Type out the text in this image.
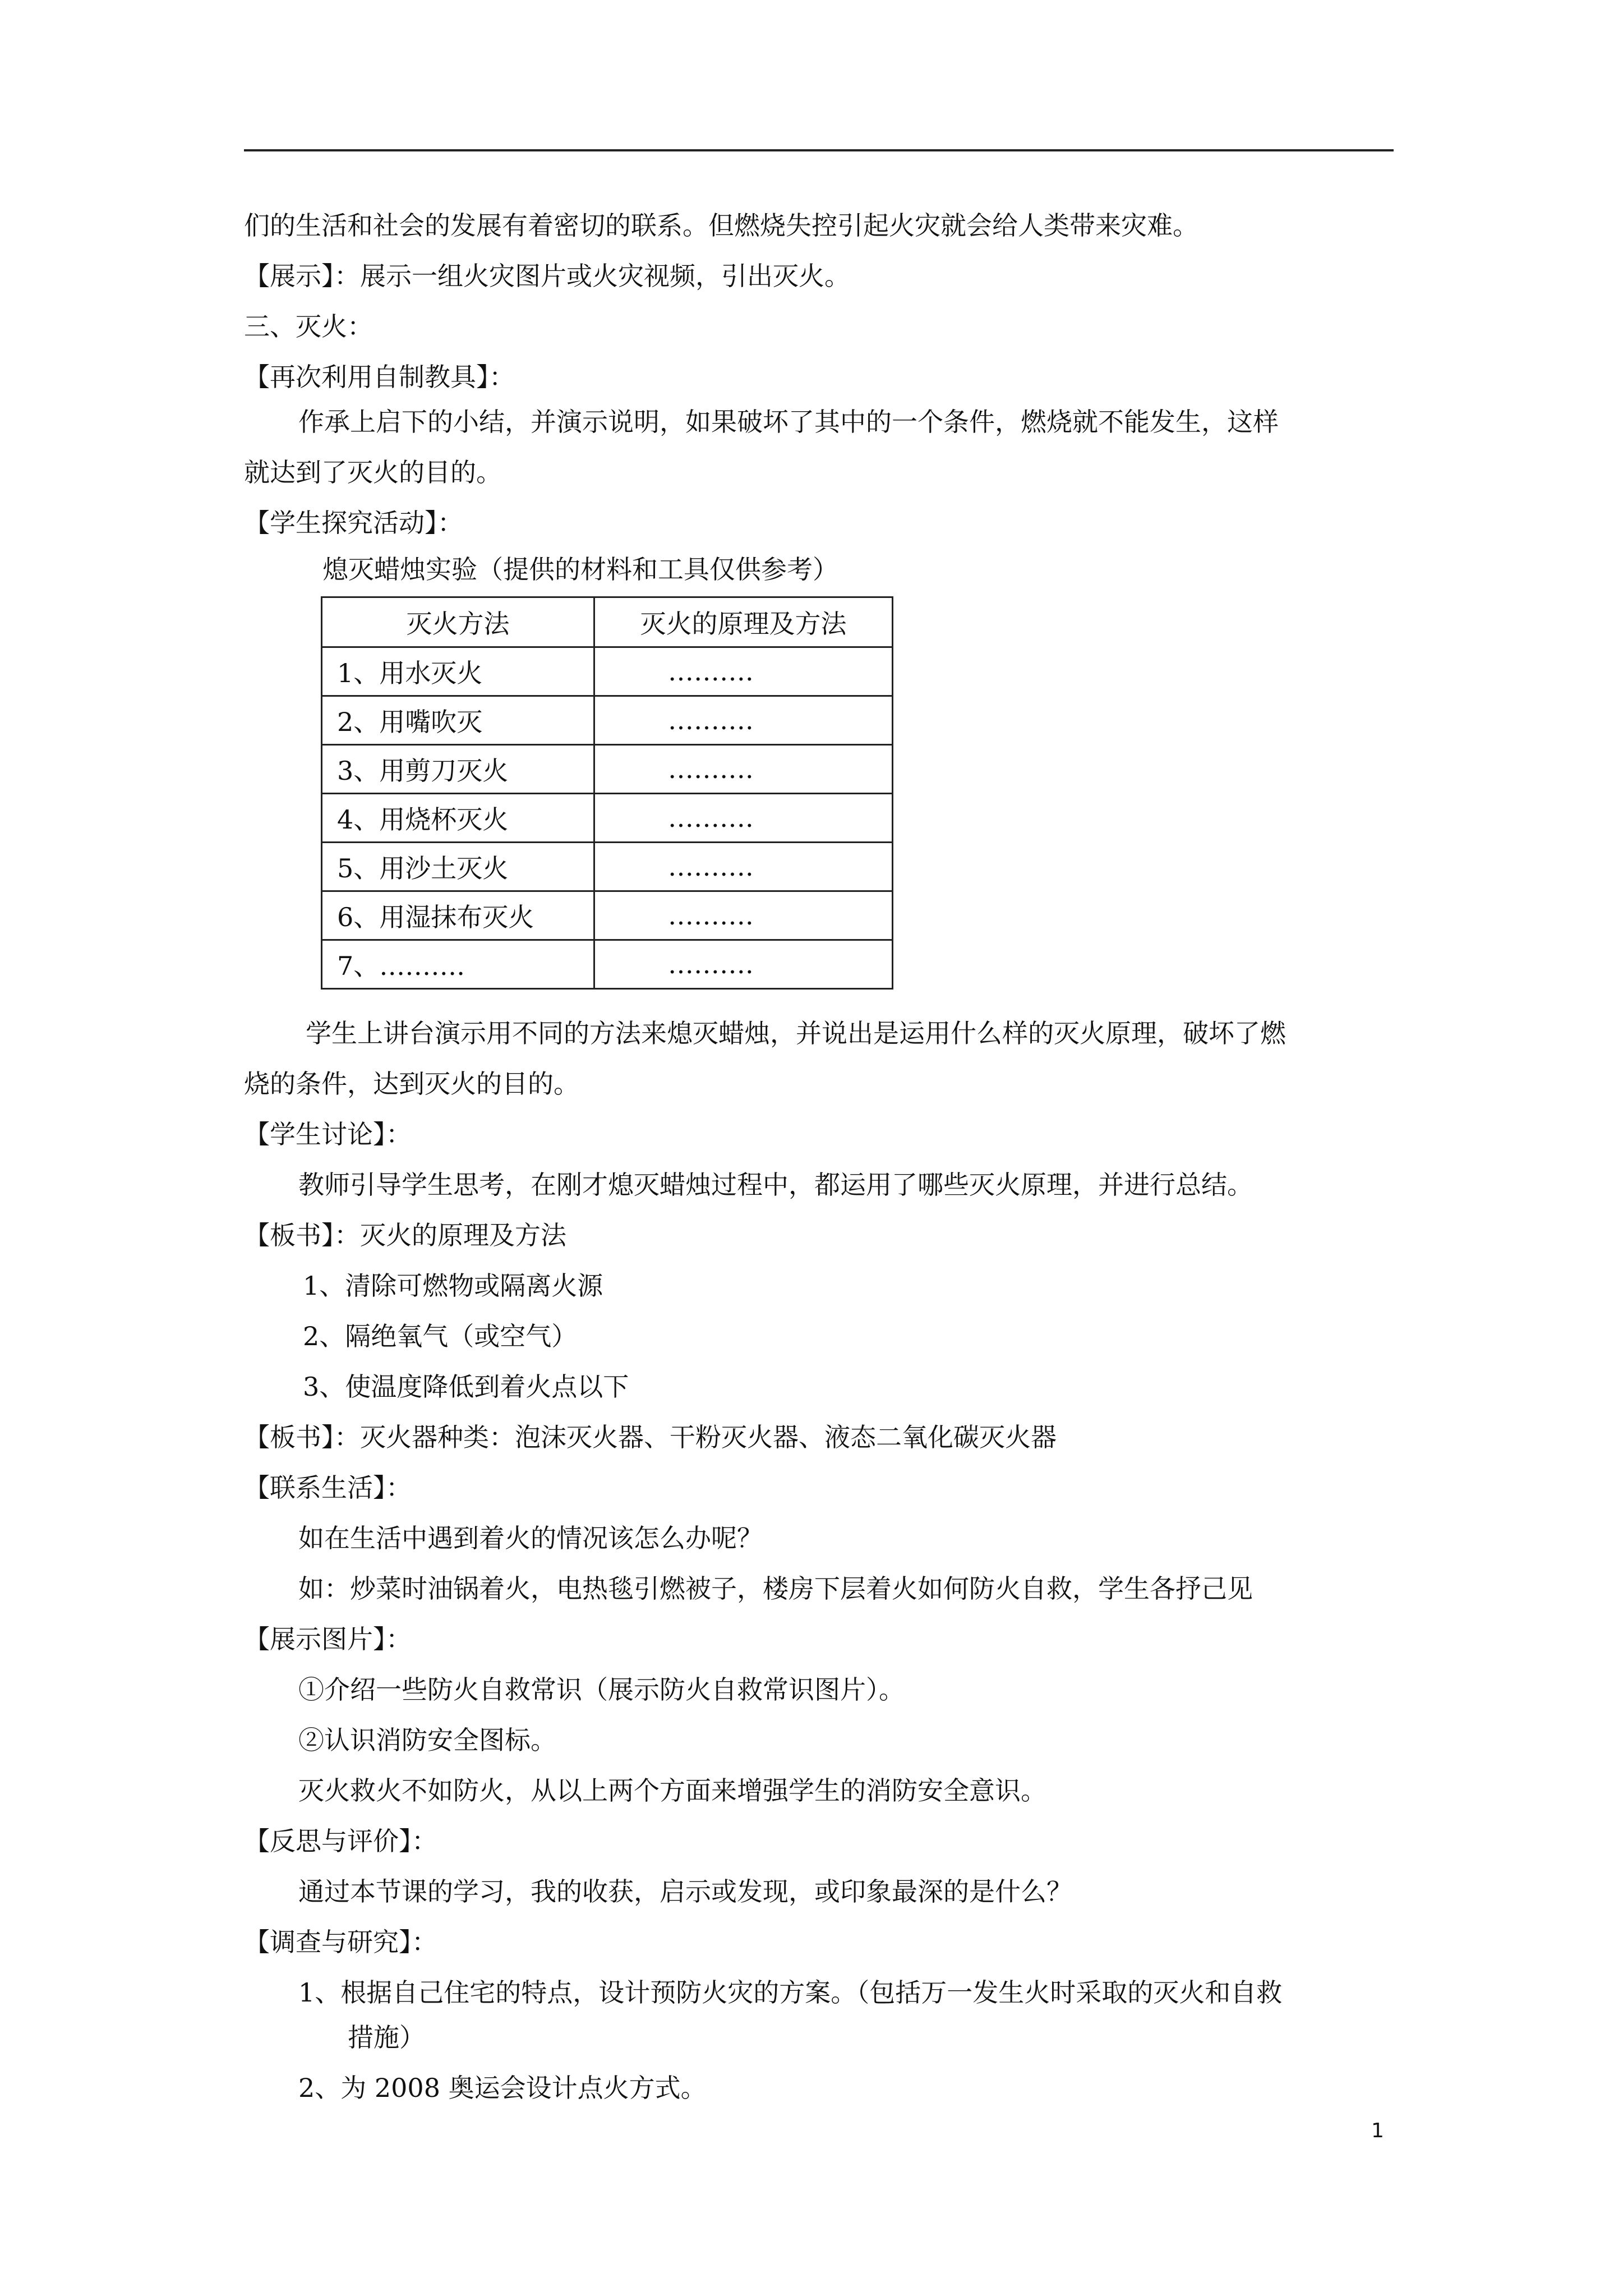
们的生活和社会的发展有着密切的联系。但燃烧失控引起火灾就会给人类带来灾难。
【展示】：展示一组火灾图片或火灾视频，引出灭火。
三、灭火：
【再次利用自制教具】：
作承上启下的小结，并演示说明，如果破坏了其中的一个条件，燃烧就不能发生，这样
就达到了灭火的目的。
【学生探究活动】：
熄灭蜡烛实验（提供的材料和工具仅供参考）
灭火方法	灭火的原理及方法
1、用水灭火	……….
2、用嘴吹灭	……….
3、用剪刀灭火	……….
4、用烧杯灭火	……….
5、用沙土灭火	……….
6、用湿抹布灭火	……….
7、……….	……….
学生上讲台演示用不同的方法来熄灭蜡烛，并说出是运用什么样的灭火原理，破坏了燃
烧的条件，达到灭火的目的。
【学生讨论】：
教师引导学生思考，在刚才熄灭蜡烛过程中，都运用了哪些灭火原理，并进行总结。
【板书】：灭火的原理及方法
1、清除可燃物或隔离火源
2、隔绝氧气（或空气）
3、使温度降低到着火点以下
【板书】：灭火器种类：泡沫灭火器、干粉灭火器、液态二氧化碳灭火器
【联系生活】：
如在生活中遇到着火的情况该怎么办呢？
如：炒菜时油锅着火，电热毯引燃被子，楼房下层着火如何防火自救，学生各抒己见
【展示图片】：
①介绍一些防火自救常识（展示防火自救常识图片）。
②认识消防安全图标。
灭火救火不如防火，从以上两个方面来增强学生的消防安全意识。
【反思与评价】：
通过本节课的学习，我的收获，启示或发现，或印象最深的是什么？
【调查与研究】：
1、根据自己住宅的特点，设计预防火灾的方案。（包括万一发生火时采取的灭火和自救
措施）
2、为 2008 奥运会设计点火方式。
1
